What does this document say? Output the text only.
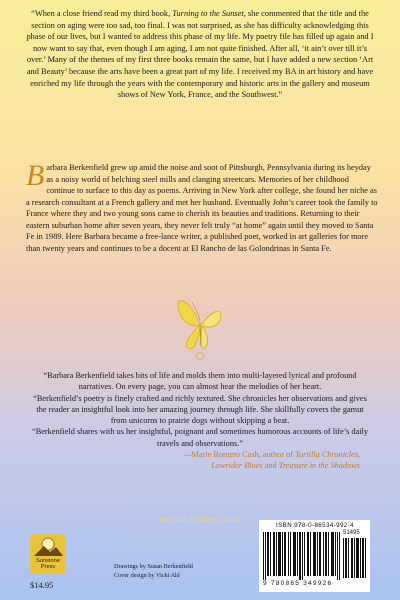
“When a close friend read my third book, Turning to the Sunset, she commented that the title and the section on aging were too sad, too final. I was not surprised, as she has difficulty acknowledging this phase of our lives, but I wanted to address this phase of my life. My poetry file has filled up again and I now want to say that, even though I am aging, I am not quite finished. After all, ‘it ain’t over till it’s over.’ Many of the themes of my first three books remain the same, but I have added a new section ‘Art and Beauty’ because the arts have been a great part of my life. I received my BA in art history and have enriched my life through the years with the contemporary and historic arts in the gallery and museum shows of New York, France, and the Southwest.”
Barbara Berkenfield grew up amid the noise and soot of Pittsburgh, Pennsylvania during its heyday as a noisy world of belching steel mills and clanging streetcars. Memories of her childhood continue to surface to this day as poems. Arriving in New York after college, she found her niche as a research consultant at a French gallery and met her husband. Eventually John’s career took the family to France where they and two young sons came to cherish its beauties and traditions. Returning to their eastern suburban home after seven years, they never felt truly “at home” again until they moved to Santa Fe in 1989. Here Barbara became a free-lance writer, a published poet, worked in art galleries for more than twenty years and continues to be a docent at El Rancho de las Golondrinas in Santa Fe.

“Barbara Berkenfield takes bits of life and molds them into multi-layered lyrical and profound narratives. On every page, you can almost hear the melodies of her heart.

“Berkenfield’s poetry is finely crafted and richly textured. She chronicles her observations and gives the reader an insightful look into her amazing journey through life. She skillfully covers the gamut from unicorns to prairie dogs without skipping a beat.

“Berkenfield shares with us her insightful, poignant and sometimes humorous accounts of life’s daily travels and observations.”

—Marie Romero Cash, author of Tortilla Chronicles,
Lowrider Blues and Treasure in the Shadows
Includes Readers Guide
Sunstone Press
$14.95
Drawings by Susan Berkenfield
Cover design by Vicki Ahl
ISBN 978-0-86534-992-4
51495
9 780865 349926
